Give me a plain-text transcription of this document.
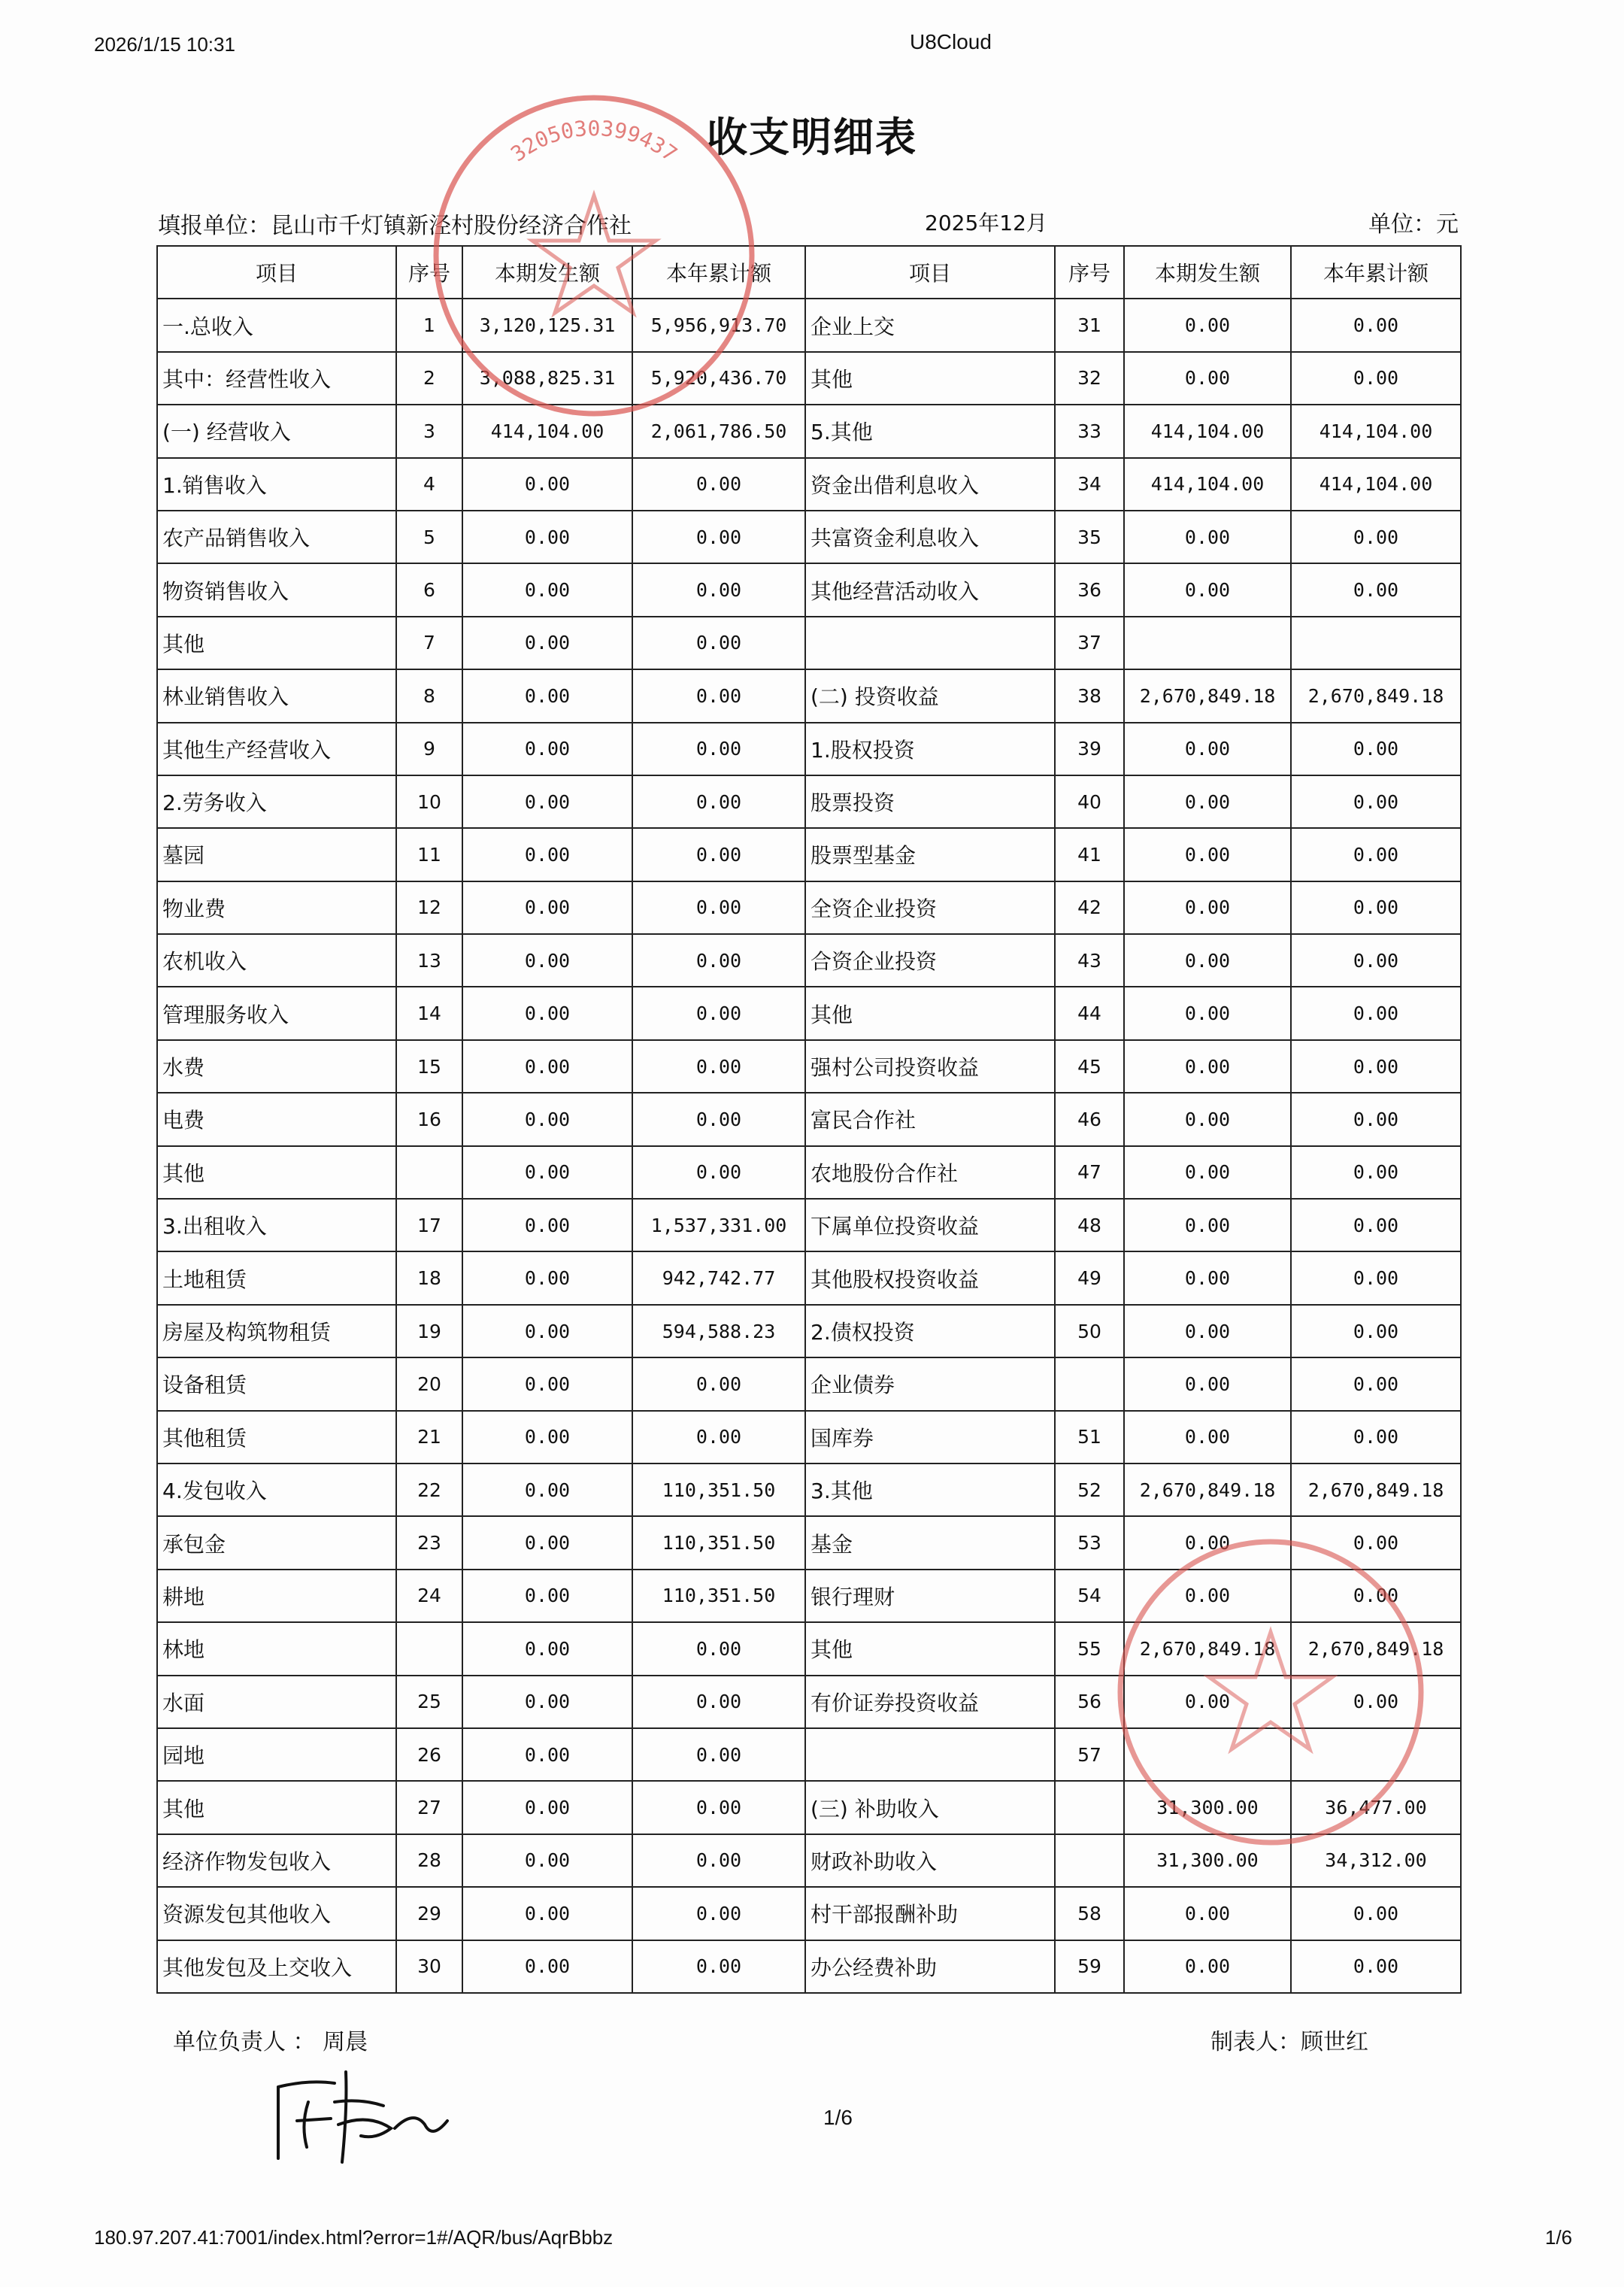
2026/1/15 10:31	U8Cloud
收支明细表
填报单位：昆山市千灯镇新泾村股份经济合作社	2025年12月	单位：元
项目	序号	本期发生额	本年累计额	项目	序号	本期发生额	本年累计额
一.总收入	1	3,120,125.31	5,956,913.70	企业上交	31	0.00	0.00
其中：经营性收入	2	3,088,825.31	5,920,436.70	其他	32	0.00	0.00
(一) 经营收入	3	414,104.00	2,061,786.50	5.其他	33	414,104.00	414,104.00
1.销售收入	4	0.00	0.00	资金出借利息收入	34	414,104.00	414,104.00
农产品销售收入	5	0.00	0.00	共富资金利息收入	35	0.00	0.00
物资销售收入	6	0.00	0.00	其他经营活动收入	36	0.00	0.00
其他	7	0.00	0.00		37		
林业销售收入	8	0.00	0.00	(二) 投资收益	38	2,670,849.18	2,670,849.18
其他生产经营收入	9	0.00	0.00	1.股权投资	39	0.00	0.00
2.劳务收入	10	0.00	0.00	股票投资	40	0.00	0.00
墓园	11	0.00	0.00	股票型基金	41	0.00	0.00
物业费	12	0.00	0.00	全资企业投资	42	0.00	0.00
农机收入	13	0.00	0.00	合资企业投资	43	0.00	0.00
管理服务收入	14	0.00	0.00	其他	44	0.00	0.00
水费	15	0.00	0.00	强村公司投资收益	45	0.00	0.00
电费	16	0.00	0.00	富民合作社	46	0.00	0.00
其他		0.00	0.00	农地股份合作社	47	0.00	0.00
3.出租收入	17	0.00	1,537,331.00	下属单位投资收益	48	0.00	0.00
土地租赁	18	0.00	942,742.77	其他股权投资收益	49	0.00	0.00
房屋及构筑物租赁	19	0.00	594,588.23	2.债权投资	50	0.00	0.00
设备租赁	20	0.00	0.00	企业债券		0.00	0.00
其他租赁	21	0.00	0.00	国库券	51	0.00	0.00
4.发包收入	22	0.00	110,351.50	3.其他	52	2,670,849.18	2,670,849.18
承包金	23	0.00	110,351.50	基金	53	0.00	0.00
耕地	24	0.00	110,351.50	银行理财	54	0.00	0.00
林地		0.00	0.00	其他	55	2,670,849.18	2,670,849.18
水面	25	0.00	0.00	有价证券投资收益	56	0.00	0.00
园地	26	0.00	0.00		57		
其他	27	0.00	0.00	(三) 补助收入		31,300.00	36,477.00
经济作物发包收入	28	0.00	0.00	财政补助收入		31,300.00	34,312.00
资源发包其他收入	29	0.00	0.00	村干部报酬补助	58	0.00	0.00
其他发包及上交收入	30	0.00	0.00	办公经费补助	59	0.00	0.00
单位负责人 ： 周晨	制表人：顾世红
1/6
180.97.207.41:7001/index.html?error=1#/AQR/bus/AqrBbbz	1/6
3205030399437
